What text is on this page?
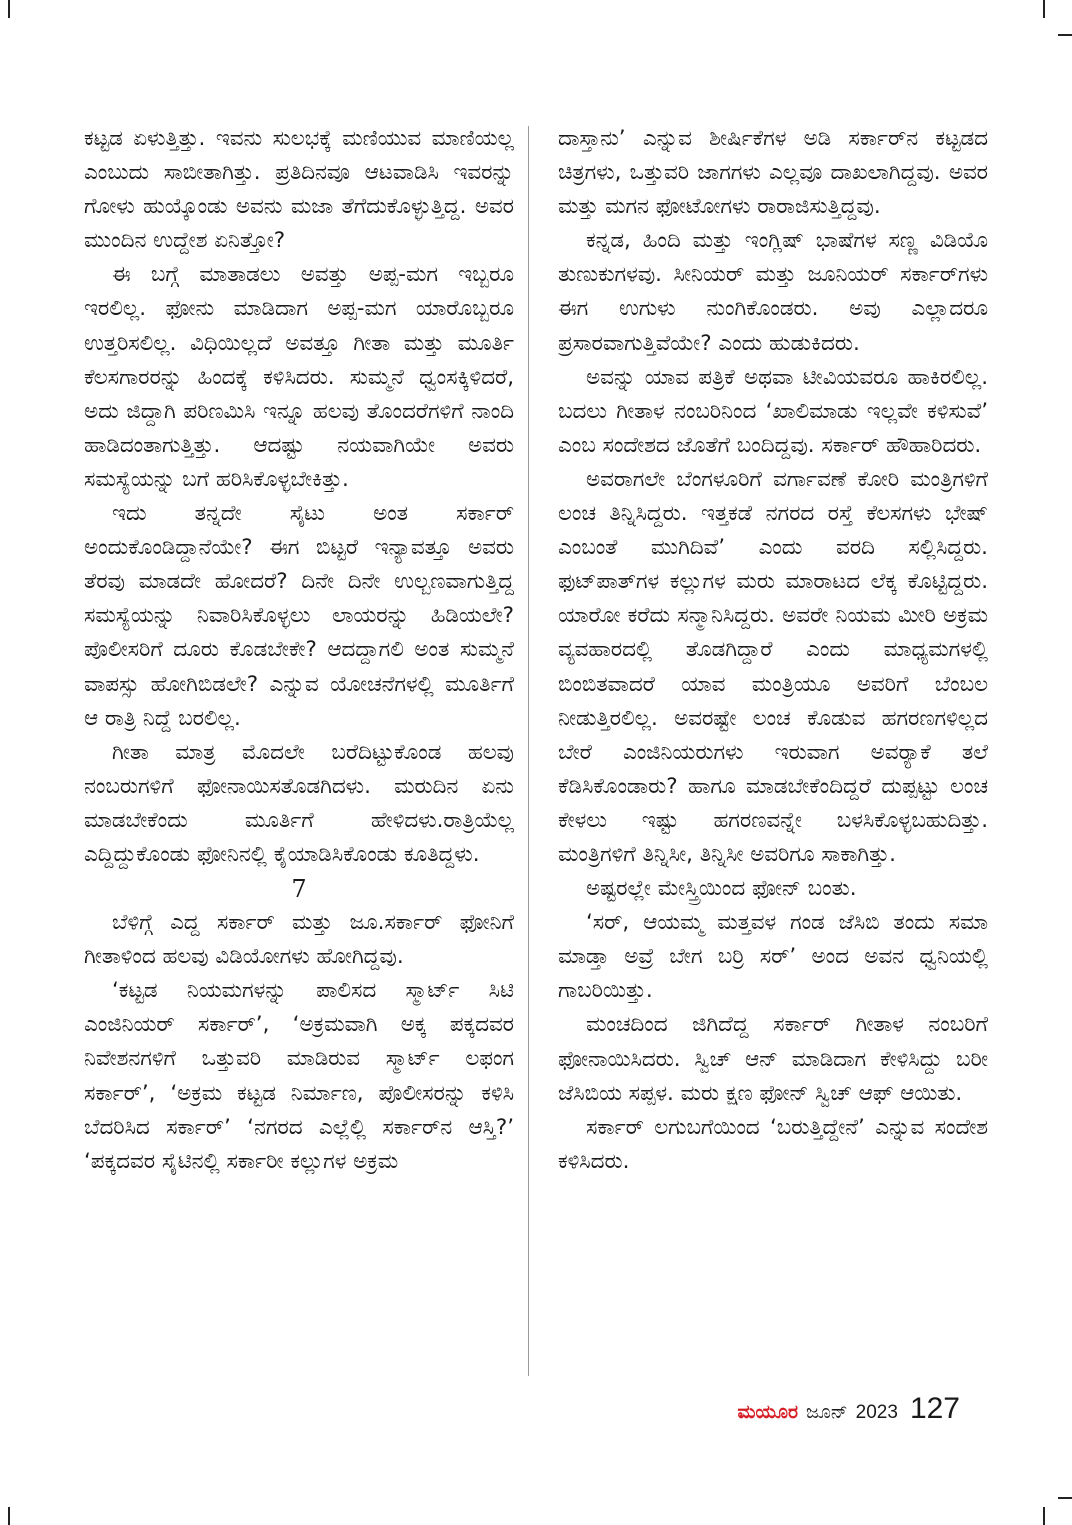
ಕಟ್ಟಡ ಏಳುತ್ತಿತ್ತು. ಇವನು ಸುಲಭಕ್ಕೆ ಮಣಿಯುವ ಮಾಣಿಯಲ್ಲ ಎಂಬುದು ಸಾಬೀತಾಗಿತ್ತು. ಪ್ರತಿದಿನವೂ ಆಟವಾಡಿಸಿ ಇವರನ್ನು ಗೋಳು ಹುಯ್ಕೊಂಡು ಅವನು ಮಜಾ ತೆಗೆದುಕೊಳ್ಳುತ್ತಿದ್ದ. ಅವರ ಮುಂದಿನ ಉದ್ದೇಶ ಏನಿತ್ತೋ?

ಈ ಬಗ್ಗೆ ಮಾತಾಡಲು ಅವತ್ತು ಅಪ್ಪ-ಮಗ ಇಬ್ಬರೂ ಇರಲಿಲ್ಲ. ಫೋನು ಮಾಡಿದಾಗ ಅಪ್ಪ-ಮಗ ಯಾರೊಬ್ಬರೂ ಉತ್ತರಿಸಲಿಲ್ಲ. ವಿಧಿಯಿಲ್ಲದೆ ಅವತ್ತೂ ಗೀತಾ ಮತ್ತು ಮೂರ್ತಿ ಕೆಲಸಗಾರರನ್ನು ಹಿಂದಕ್ಕೆ ಕಳಿಸಿದರು. ಸುಮ್ಮನೆ ಧ್ವಂಸಕ್ಕಿಳಿದರೆ, ಅದು ಜಿದ್ದಾಗಿ ಪರಿಣಮಿಸಿ ಇನ್ನೂ ಹಲವು ತೊಂದರೆಗಳಿಗೆ ನಾಂದಿ ಹಾಡಿದಂತಾಗುತ್ತಿತ್ತು. ಆದಷ್ಟು ನಯವಾಗಿಯೇ ಅವರು ಸಮಸ್ಯೆಯನ್ನು ಬಗೆ ಹರಿಸಿಕೊಳ್ಳಬೇಕಿತ್ತು.

ಇದು ತನ್ನದೇ ಸೈಟು ಅಂತ ಸರ್ಕಾರ್ ಅಂದುಕೊಂಡಿದ್ದಾನೆಯೇ? ಈಗ ಬಿಟ್ಟರೆ ಇನ್ಯಾವತ್ತೂ ಅವರು ತೆರವು ಮಾಡದೇ ಹೋದರೆ? ದಿನೇ ದಿನೇ ಉಲ್ಬಣವಾಗುತ್ತಿದ್ದ ಸಮಸ್ಯೆಯನ್ನು ನಿವಾರಿಸಿಕೊಳ್ಳಲು ಲಾಯರನ್ನು ಹಿಡಿಯಲೇ? ಪೊಲೀಸರಿಗೆ ದೂರು ಕೊಡಬೇಕೇ? ಆದದ್ದಾಗಲಿ ಅಂತ ಸುಮ್ಮನೆ ವಾಪಸ್ಸು ಹೋಗಿಬಿಡಲೇ? ಎನ್ನುವ ಯೋಚನೆಗಳಲ್ಲಿ ಮೂರ್ತಿಗೆ ಆ ರಾತ್ರಿ ನಿದ್ದೆ ಬರಲಿಲ್ಲ.

ಗೀತಾ ಮಾತ್ರ ಮೊದಲೇ ಬರೆದಿಟ್ಟುಕೊಂಡ ಹಲವು ನಂಬರುಗಳಿಗೆ ಫೋನಾಯಿಸತೊಡಗಿದಳು. ಮರುದಿನ ಏನು ಮಾಡಬೇಕೆಂದು ಮೂರ್ತಿಗೆ ಹೇಳಿದಳು.ರಾತ್ರಿಯೆಲ್ಲ ಎದ್ದಿದ್ದುಕೊಂಡು ಫೋನಿನಲ್ಲಿ ಕೈಯಾಡಿಸಿಕೊಂಡು ಕೂತಿದ್ದಳು.

7

ಬೆಳಿಗ್ಗೆ ಎದ್ದ ಸರ್ಕಾರ್ ಮತ್ತು ಜೂ.ಸರ್ಕಾರ್ ಫೋನಿಗೆ ಗೀತಾಳಿಂದ ಹಲವು ವಿಡಿಯೋಗಳು ಹೋಗಿದ್ದವು.

‘ಕಟ್ಟಡ ನಿಯಮಗಳನ್ನು ಪಾಲಿಸದ ಸ್ಮಾರ್ಟ್ ಸಿಟಿ ಎಂಜಿನಿಯರ್ ಸರ್ಕಾರ್’, ‘ಅಕ್ರಮವಾಗಿ ಅಕ್ಕ ಪಕ್ಕದವರ ನಿವೇಶನಗಳಿಗೆ ಒತ್ತುವರಿ ಮಾಡಿರುವ ಸ್ಮಾರ್ಟ್ ಲಫಂಗ ಸರ್ಕಾರ್’, ‘ಅಕ್ರಮ ಕಟ್ಟಡ ನಿರ್ಮಾಣ, ಪೊಲೀಸರನ್ನು ಕಳಿಸಿ ಬೆದರಿಸಿದ ಸರ್ಕಾರ್’ ‘ನಗರದ ಎಲ್ಲೆಲ್ಲಿ ಸರ್ಕಾರ್‌ನ ಆಸ್ತಿ?’ ‘ಪಕ್ಕದವರ ಸೈಟಿನಲ್ಲಿ ಸರ್ಕಾರೀ ಕಲ್ಲುಗಳ ಅಕ್ರಮ

ದಾಸ್ತಾನು’ ಎನ್ನುವ ಶೀರ್ಷಿಕೆಗಳ ಅಡಿ ಸರ್ಕಾರ್‌ನ ಕಟ್ಟಡದ ಚಿತ್ರಗಳು, ಒತ್ತುವರಿ ಜಾಗಗಳು ಎಲ್ಲವೂ ದಾಖಲಾಗಿದ್ದವು. ಅವರ ಮತ್ತು ಮಗನ ಫೋಟೋಗಳು ರಾರಾಜಿಸುತ್ತಿದ್ದವು.

ಕನ್ನಡ, ಹಿಂದಿ ಮತ್ತು ಇಂಗ್ಲಿಷ್ ಭಾಷೆಗಳ ಸಣ್ಣ ವಿಡಿಯೊ ತುಣುಕುಗಳವು. ಸೀನಿಯರ್ ಮತ್ತು ಜೂನಿಯರ್ ಸರ್ಕಾರ್‌ಗಳು ಈಗ ಉಗುಳು ನುಂಗಿಕೊಂಡರು. ಅವು ಎಲ್ಲಾದರೂ ಪ್ರಸಾರವಾಗುತ್ತಿವೆಯೇ? ಎಂದು ಹುಡುಕಿದರು.

ಅವನ್ನು ಯಾವ ಪತ್ರಿಕೆ ಅಥವಾ ಟೀವಿಯವರೂ ಹಾಕಿರಲಿಲ್ಲ. ಬದಲು ಗೀತಾಳ ನಂಬರಿನಿಂದ ‘ಖಾಲಿಮಾಡು ಇಲ್ಲವೇ ಕಳಿಸುವೆ’ ಎಂಬ ಸಂದೇಶದ ಜೊತೆಗೆ ಬಂದಿದ್ದವು. ಸರ್ಕಾರ್ ಹೌಹಾರಿದರು.

ಅವರಾಗಲೇ ಬೆಂಗಳೂರಿಗೆ ವರ್ಗಾವಣೆ ಕೋರಿ ಮಂತ್ರಿಗಳಿಗೆ ಲಂಚ ತಿನ್ನಿಸಿದ್ದರು. ಇತ್ತಕಡೆ ನಗರದ ರಸ್ತೆ ಕೆಲಸಗಳು ಭೇಷ್ ಎಂಬಂತೆ ಮುಗಿದಿವೆ’ ಎಂದು ವರದಿ ಸಲ್ಲಿಸಿದ್ದರು. ಫುಟ್‌ಪಾತ್‌ಗಳ ಕಲ್ಲುಗಳ ಮರು ಮಾರಾಟದ ಲೆಕ್ಕ ಕೊಟ್ಟಿದ್ದರು. ಯಾರೋ ಕರೆದು ಸನ್ಮಾನಿಸಿದ್ದರು. ಅವರೇ ನಿಯಮ ಮೀರಿ ಅಕ್ರಮ ವ್ಯವಹಾರದಲ್ಲಿ ತೊಡಗಿದ್ದಾರೆ ಎಂದು ಮಾಧ್ಯಮಗಳಲ್ಲಿ ಬಿಂಬಿತವಾದರೆ ಯಾವ ಮಂತ್ರಿಯೂ ಅವರಿಗೆ ಬೆಂಬಲ ನೀಡುತ್ತಿರಲಿಲ್ಲ. ಅವರಷ್ಟೇ ಲಂಚ ಕೊಡುವ ಹಗರಣಗಳಿಲ್ಲದ ಬೇರೆ ಎಂಜಿನಿಯರುಗಳು ಇರುವಾಗ ಅವರ್‍ಯಾಕೆ ತಲೆ ಕೆಡಿಸಿಕೊಂಡಾರು? ಹಾಗೂ ಮಾಡಬೇಕೆಂದಿದ್ದರೆ ದುಪ್ಪಟ್ಟು ಲಂಚ ಕೇಳಲು ಇಷ್ಟು ಹಗರಣವನ್ನೇ ಬಳಸಿಕೊಳ್ಳಬಹುದಿತ್ತು. ಮಂತ್ರಿಗಳಿಗೆ ತಿನ್ನಿಸೀ, ತಿನ್ನಿಸೀ ಅವರಿಗೂ ಸಾಕಾಗಿತ್ತು.

ಅಷ್ಟರಲ್ಲೇ ಮೇಸ್ತ್ರಿಯಿಂದ ಫೋನ್ ಬಂತು.

‘ಸರ್, ಆಯಮ್ಮ ಮತ್ತವಳ ಗಂಡ ಜೆಸಿಬಿ ತಂದು ಸಮಾ ಮಾಡ್ತಾ ಅವ್ರೆ ಬೇಗ ಬರ್ರಿ ಸರ್’ ಅಂದ ಅವನ ಧ್ವನಿಯಲ್ಲಿ ಗಾಬರಿಯಿತ್ತು.

ಮಂಚದಿಂದ ಜಿಗಿದೆದ್ದ ಸರ್ಕಾರ್ ಗೀತಾಳ ನಂಬರಿಗೆ ಫೋನಾಯಿಸಿದರು. ಸ್ವಿಚ್ ಆನ್ ಮಾಡಿದಾಗ ಕೇಳಿಸಿದ್ದು ಬರೀ ಜೆಸಿಬಿಯ ಸಪ್ಪಳ. ಮರು ಕ್ಷಣ ಫೋನ್ ಸ್ವಿಚ್ ಆಫ್ ಆಯಿತು.

ಸರ್ಕಾರ್ ಲಗುಬಗೆಯಿಂದ ‘ಬರುತ್ತಿದ್ದೇನೆ’ ಎನ್ನುವ ಸಂದೇಶ ಕಳಿಸಿದರು.

ಮಯೂರ ಜೂನ್ 2023 127
